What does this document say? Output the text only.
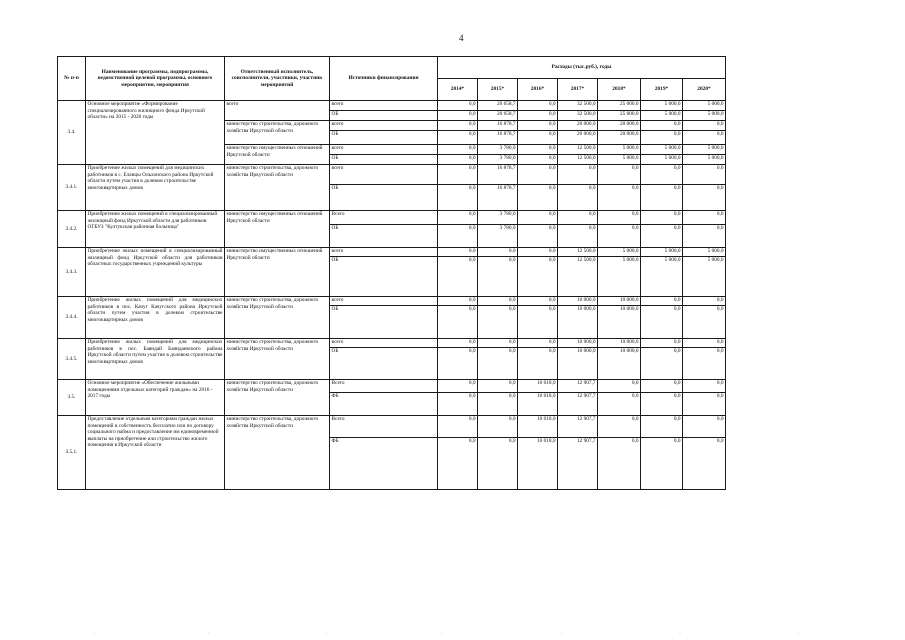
4
№ п-п	Наименование программы, подпрограммы, ведомственной целевой программы, основного мероприятия, мероприятия	Ответственный исполнитель, соисполнители, участники, участник мероприятий	Источники финансирования	Расходы (тыс.руб.), годы						
				2014*	2015*	2016*	2017*	2018*	2019*	2020*
3.4.	Основное мероприятие «Формирование специализированного жилищного фонда Иркутской области» на 2015 - 2020 годы	всего	всего	0,0	20 658,7	0,0	32 500,0	25 000,0	5 000,0	5 000,0
			ОБ	0,0	20 658,7	0,0	32 500,0	25 000,0	5 000,0	5 000,0
		министерство строительства, дорожного хозяйства Иркутской области	всего	0,0	16 878,7	0,0	20 000,0	20 000,0	0,0	0,0
			ОБ	0,0	16 878,7	0,0	20 000,0	20 000,0	0,0	0,0
		министерство имущественных отношений Иркутской области	всего	0,0	3 780,0	0,0	12 500,0	5 000,0	5 000,0	5 000,0
			ОБ	0,0	3 780,0	0,0	12 500,0	5 000,0	5 000,0	5 000,0
3.4.1.	Приобретение жилых помещений для медицинских работников в с. Еланцы Ольхонского района Иркутской области путем участия в долевом строительстве многоквартирных домов	министерство строительства, дорожного хозяйства Иркутской области	всего	0,0	16 878,7	0,0	0,0	0,0	0,0	0,0
			ОБ	0,0	16 878,7	0,0	0,0	0,0	0,0	0,0
3.4.2.	Приобретение жилых помещений в специализированный жилищный фонд Иркутской области для работников ОГБУЗ "Култукская районная больница"	министерство имущественных отношений Иркутской области	Всего	0,0	3 780,0	0,0	0,0	0,0	0,0	0,0
			ОБ	0,0	3 780,0	0,0	0,0	0,0	0,0	0,0
3.4.3.	Приобретение жилых помещений в специализированный жилищный фонд Иркутской области для работников областных государственных учреждений культуры	министерство имущественных отношений Иркутской области	всего	0,0	0,0	0,0	12 500,0	5 000,0	5 000,0	5 000,0
			ОБ	0,0	0,0	0,0	12 500,0	5 000,0	5 000,0	5 000,0
3.4.4.	Приобретение жилых помещений для медицинских работников в пос. Качуг Качугского района Иркутской области путем участия в долевом строительстве многоквартирных домов	министерство строительства, дорожного хозяйства Иркутской области	всего	0,0	0,0	0,0	10 000,0	10 000,0	0,0	0,0
			ОБ	0,0	0,0	0,0	10 000,0	10 000,0	0,0	0,0
3.4.5.	Приобретение жилых помещений для медицинских работников в пос. Баяндай Баяндаевского района Иркутской области путем участия в долевом строительстве многоквартирных домов	министерство строительства, дорожного хозяйства Иркутской области	всего	0,0	0,0	0,0	10 000,0	10 000,0	0,0	0,0
			ОБ	0,0	0,0	0,0	10 000,0	10 000,0	0,0	0,0
3.5.	Основное мероприятие «Обеспечение жильными помещениями отдельных категорий граждан» на 2016 - 2017 годы	министерство строительства, дорожного хозяйства Иркутской области	Всего	0,0	0,0	10 018,0	12 907,7	0,0	0,0	0,0
			ФБ	0,0	0,0	10 018,0	12 907,7	0,0	0,0	0,0
3.5.1.	Предоставление отдельным категориям граждан жилых помещений в собственность бесплатно или по договору социального найма и предоставление им единовременной выплаты на приобретение или строительство жилого помещения в Иркутской области	министерство строительства, дорожного хозяйства Иркутской области	Всего	0,0	0,0	10 018,0	12 907,7	0,0	0,0	0,0
			ФБ	0,0	0,0	10 018,0	12 907,7	0,0	0,0	0,0
·	·	·	·	·	·	·
